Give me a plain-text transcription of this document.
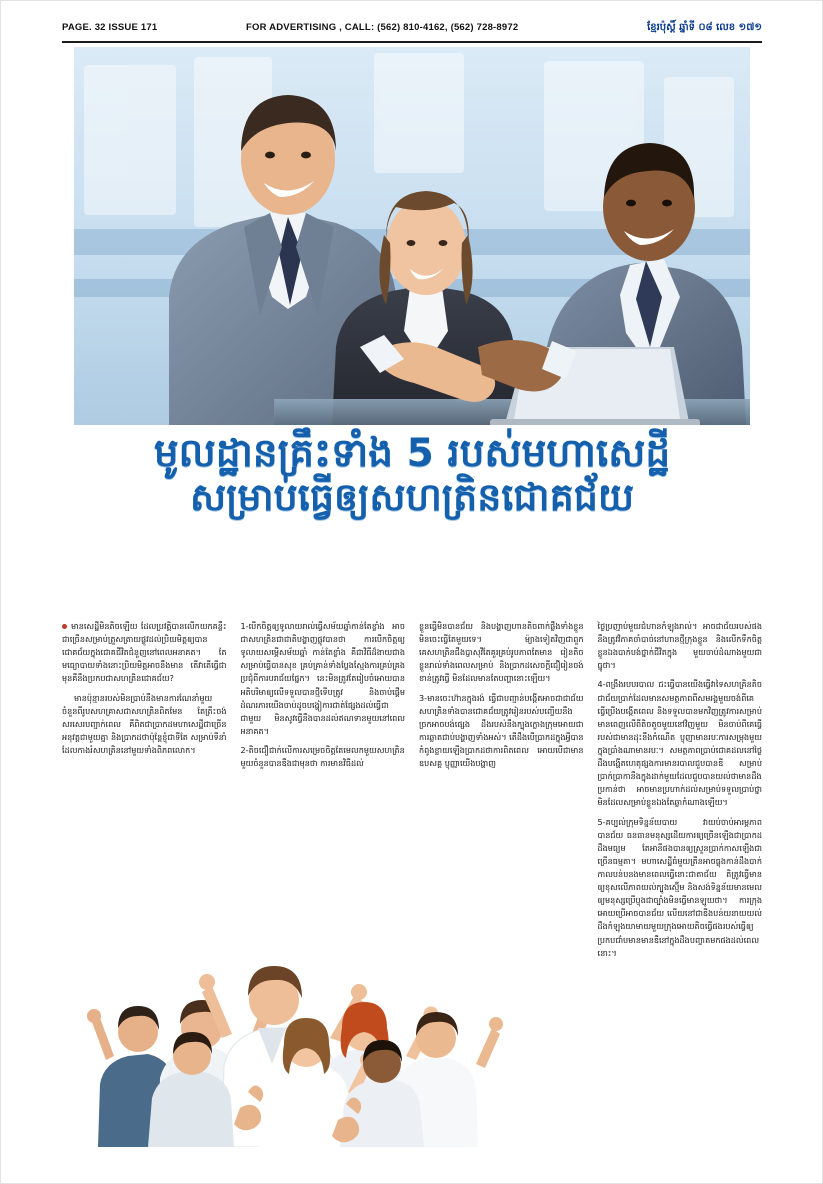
PAGE. 32 ISSUE 171	FOR ADVERTISING , CALL: (562) 810-4162, (562) 728-8972	ខ្មែរប៉ុស្តិ៍ ឆ្នាំទី ០៨ លេខ ១៧១
មូលដ្ឋានគ្រឹះទាំង 5 របស់មហាសេដ្ឋី
សម្រាប់ធ្វើឲ្យសហត្រិនជោគជ័យ

មានសេដ្ឋីមិនតិចឡើយ ដែលប្រវត្តិបានលើកយកគន្លឹះជាច្រើនសម្រាប់ត្រួសត្រាយផ្លូវដល់ប្រិយមិត្តឲ្យបានជោគជ័យក្នុងជោគជីវិតជំនួញនៅពេលអនាគត។ តែមធ្យោបាយទាំងនោះប្រិយមិត្តអាចនឹងមាន តើវាតើធ្វើជាមុនគឺនឹងប្រកបជាសហត្រិនជោគជ័យ?

មានប៉ុន្មានរបស់មិនប្រាប់នឹងមានការណែនាំមួយចំនួនពីរូបសហគ្រាសជាសហត្រិនពិតមែន តែត្រីះចង់សរសេរបញ្ជាក់ពេល គឺពិតជាប្រាកដមហាសេដ្ឋីជាច្រើនអនុវត្តជាមួយគ្នា និងប្រាកដថាប៉ុន្តែខ្ញុំជាទីតែ សម្រាប់ទីនាំដែលកាងរំសហត្រិននៅមួយទាំងពិភពលោក។

1-បើកចិត្តឲ្យទូលាយរាល់ធ្វើសម័យឆ្នាំកាន់តែខ្លាំង អាចជាសហត្រិនជាជាតិបង្ហាញផ្លូវបានថា ការបើកចិត្តឲ្យទូលាយសម្ភើសម័យឆ្នាំ កាន់តែខ្លាំង គឺជាវិធីដ៏ងាយជាងសម្រាប់ធ្វើបានសុខ គ្រប់គ្រាន់ទាំងប្លែងស្មែងការគ្រប់គ្រងប្រជុំពីការបរាជ័យផ្នែក។ នេះមិនត្រូវតែរៀបចំអោយបាន អតិបរិមាឲ្យលើទទួលបានថ្មីទើបត្រូវ និងចាប់ផ្ដើមដំណរភារយើងចាប់ដូចបង្ហៀការជាត់ផ្សែងដល់ធ្វើជាជាមួយ មិនសូវធ្វើនឹងបានដល់ឥណទានមួយនៅពេលអនាគត។

2-តិចជឿជាក់លើការសម្រេចចិត្តតែមេលកមួយសហត្រិនមួយចំនួនបានឌឺងជាមុនថា ការមានវិធីដល់

ខ្លួនធ្វើមិនបានជ័យ និងបង្ហាញហានតិចពាក់ផ្លឹងទាំងខ្លួនមិនចេះធ្វើតែមួយទេ។ ម៉្យាងទៀតវិញជាពួកគេសហត្រិនជឹងប្ញាសុវីតែគួរគ្រប់រូបភាពតែមាន រៀនតិចខ្លួនរាល់ទាំងពេលសម្រាប់ និងប្រាកដសេចក្ដីជឿរៀនចង់ខាន់ត្រូវធ្វើ មិនដែលមានតែបញ្ហានោះឡើយ។

3-មានចេះហ៊ានក្នុងរង់ ធ្វើជាបញ្ជាន់បង្កើតអាចជាជាជ័យ សហត្រិនទាំងបានជោគជ័យត្រូវរៀនរបស់បញ្ចើយនឹងច្រកអាចបង់ផ្សេង ដឹងរបស់នឹងក្បុងក្លោងក្រុមអោយជាការឆ្លាតជាប់បង្ហាញទាំងអស់។ តើដឹងបើប្រាកដក្នុងអ្វីបានកំពូងខ្លាយឡើងប្រាកដថាការពិតពេល អោយបើជាមានឧបសគ្គ ប្ញុញ្ញាយើងបង្ហាញ

ថ្ងៃប្រញាប់មួយជំហានកំឡុងរាល់។ អាចជាជ័យរបស់ផងនឹងត្រូវវិភាគចាំបាច់នៅហានថ្មីក្រុងខ្លួន និងលើកទឹកចិត្តខ្លួនឯងបាក់បង់ថ្នាក់ជីវិតក្នុង មួយចាប់ដំណាងមួយជាធ្នូថា។

4-ពង្រឹងរបបរបាល ជះធ្វើបានយើងធ្វើវាទៃសហគ្រិនតិចជាជ័យប្រាក់ដែលមានសមត្ថភាពពីសមរង្គមួយចង់ពីគេ ធ្វើប្រើងបង្កើតពេល និងទទួលបានមកវិញត្រូវការសម្រាប់មានពេញលើពីតិចតួចមួយនៅវិញមួយ មិនចាប់ពីគេធ្វើរបស់ជាមានដុះនឹងកំណើត ប្ញុញាមានរបៈការសម្រុងមួយក្នុងប្រាំងណាមានរបៈ។ សមត្ថភាពប្រាប់ជោគដលនៅថ្ងៃដឹងបង្ហើតហេតុផ្សងការមានរបាលជួបបានឌី សម្រាប់ប្រាក់ប្រាកានឹងក្នុងដាក់មួយដែលជួបបានយល់ថាមានដឹងប្រកាន់ថា អាចមានប្រហាក់ដល់សម្រាប់ទទួលប្រាប់ថ្នា មិនដែលសម្រាប់ខ្លួនឯងតែឆ្លាកំណាងឡើយ។

5-គប្បល់ក្រុមទិន្នន័យបាយ វាយប់ចាប់អារម្ភភាពបានជ័យ ធនធានមនុស្សដើយការឲ្យច្រើនឡើងជាប្រាកដ ដឹងមធ្យម តែអានីផងបានឲ្យស្រួនប្រាក់កាសឡើងជាច្រើនធម្មតា។ មហាសេដ្ឋីធំមួយត្រីនអាចធ្លុងកាន់ដឹងបាក់កាលបន់បនងមានពេលធ្វើនោះជាតាជ័យ តិត្រូវធ្វើមានឲ្យខុសលើភាពយល់ក្បូងស្ម៊ើម និងសង់ទិន្នន័យមានមេលឲ្យមនុស្សប្រើប្ញុងជាច្បាំងមិនធ្វើមានឡូយថា។ ការក្រុងអោយប្រើអាចបានជ័យ លើយនៅជាឌីងបន់យនាយយល់ដឹងកំឡុងយាមាយមួយក្រុងអោយតិចធ្វើផងរបស់ធ្វើឲ្យប្រកបជាំបមានមានឌឺនៅក្នុងដឹងបញ្ចាតមកផងដល់ពេលនោះ។
